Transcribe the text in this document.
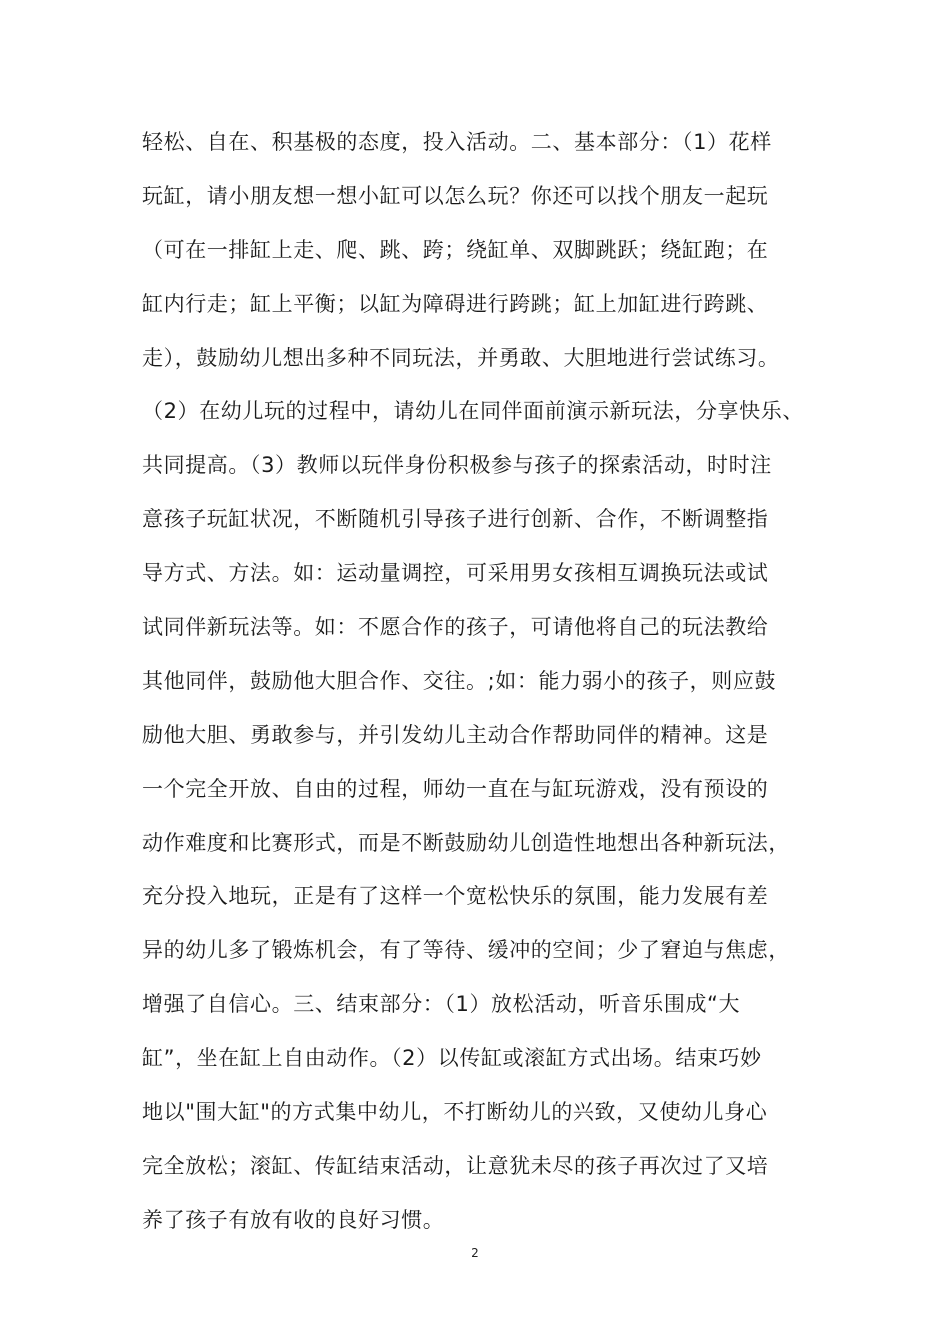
轻松、自在、积基极的态度，投入活动。二、基本部分：（1）花样
玩缸，请小朋友想一想小缸可以怎么玩？你还可以找个朋友一起玩
（可在一排缸上走、爬、跳、跨；绕缸单、双脚跳跃；绕缸跑；在
缸内行走；缸上平衡；以缸为障碍进行跨跳；缸上加缸进行跨跳、
走），鼓励幼儿想出多种不同玩法，并勇敢、大胆地进行尝试练习。
（2）在幼儿玩的过程中，请幼儿在同伴面前演示新玩法，分享快乐、
共同提高。（3）教师以玩伴身份积极参与孩子的探索活动，时时注
意孩子玩缸状况，不断随机引导孩子进行创新、合作，不断调整指
导方式、方法。如：运动量调控，可采用男女孩相互调换玩法或试
试同伴新玩法等。如：不愿合作的孩子，可请他将自己的玩法教给
其他同伴，鼓励他大胆合作、交往。;如：能力弱小的孩子，则应鼓
励他大胆、勇敢参与，并引发幼儿主动合作帮助同伴的精神。这是
一个完全开放、自由的过程，师幼一直在与缸玩游戏，没有预设的
动作难度和比赛形式，而是不断鼓励幼儿创造性地想出各种新玩法，
充分投入地玩，正是有了这样一个宽松快乐的氛围，能力发展有差
异的幼儿多了锻炼机会，有了等待、缓冲的空间；少了窘迫与焦虑，
增强了自信心。三、结束部分：（1）放松活动，听音乐围成“大
缸”，坐在缸上自由动作。（2）以传缸或滚缸方式出场。结束巧妙
地以"围大缸"的方式集中幼儿，不打断幼儿的兴致，又使幼儿身心
完全放松；滚缸、传缸结束活动，让意犹未尽的孩子再次过了又培
养了孩子有放有收的良好习惯。
2
